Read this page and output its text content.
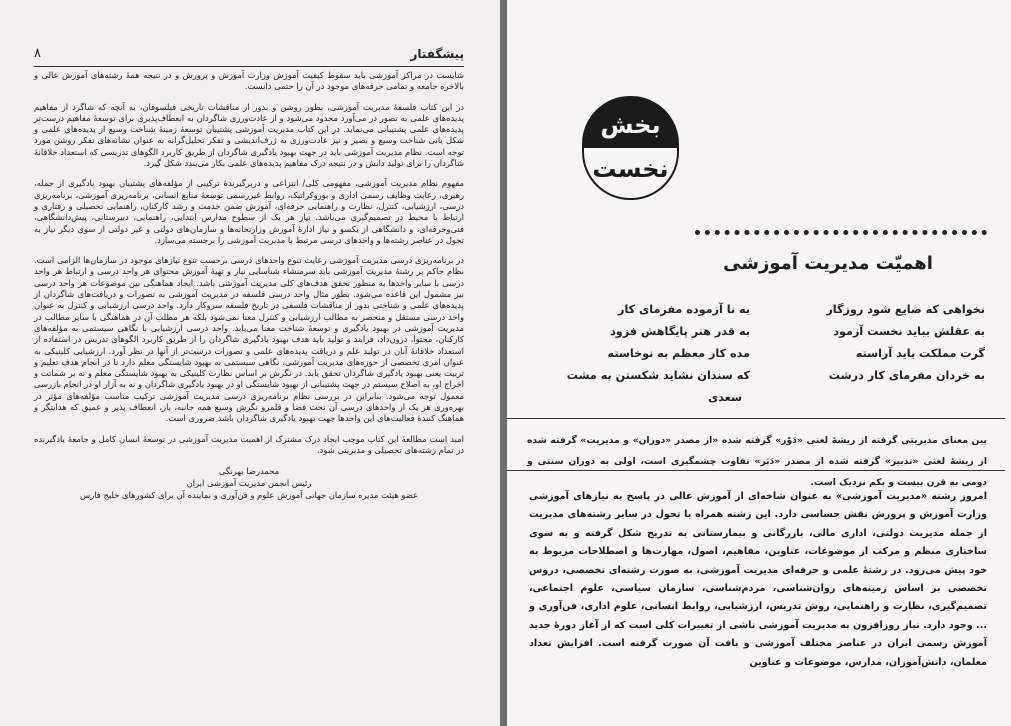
۸	پیشگفتار

شایست در مراکز آموزشی باید سقوط کیفیت آموزش وزارت آموزش و پرورش و در نتیجه همهٔ رشته‌های آموزش عالی و بالاخره جامعه و تمامی حرفه‌های موجود در آن را حتمی دانست.

در این کتاب فلسفهٔ مدیریت آموزشی، بطور روشن و بدور از مناقشات تاریخی فیلسوفان، به آنچه که شاگرد از مفاهیم پدیده‌های علمی به تصور در می‌آورد محدود می‌شود و از عادت‌ورزی شاگردان به انعطاف‌پذیری برای توسعهٔ مفاهیم درست‌تر پدیده‌های علمی پشتیبانی می‌نماید. در این کتاب مدیریت آموزشی پشتیبان توسعهٔ زمینهٔ شناخت وسیع از پدیده‌های علمی و شکل یابی شناخت وسیع و بصیر و نیز عادت‌ورزی به ژرف‌اندیشی و تفکر تحلیل‌گرانه به عنوان نشانه‌های تفکر روشن مورد توجه است. نظام مدیریت آموزشی باید در جهت بهبود یادگیری شاگردان از طریق کاربرد الگوهای تدریسی که استعداد خلاقانهٔ شاگردان را برای تولید دانش و در نتیجه درک مفاهیم پدیده‌های علمی بکار می‌بندد شکل گیرد.

مفهوم نظام مدیریت آموزشی، مفهومی کلی/ انتزاعی و دربرگیرندهٔ ترکیبی از مؤلفه‌های پشتیبان بهبود یادگیری از جمله، رهبری، رعایت وظایف رسمی اداری و بوروکراتیک، روابط غیررسمی توسعهٔ منابع انسانی، برنامه‌ریزی آموزشی، برنامه‌ریزی درسی، ارزشیابی، کنترل، نظارت و راهنمایی حرفه‌ای، آموزش ضمن خدمت و رشد کارکنان، راهنمایی تحصیلی و رفتاری و ارتباط با محیط در تصمیم‌گیری می‌باشد. نیاز هر یک از سطوح مدارس ابتدایی، راهنمایی، دبیرستانی، پیش‌دانشگاهی، فنی‌وحرفه‌ای، و دانشگاهی از یکسو و نیاز ادارهٔ آموزش وزارتخانه‌ها و سازمان‌های دولتی و غیر دولتی از سوی دیگر نیاز به تحول در عناصر رشته‌ها و واحدهای درسی مرتبط با مدیریت آموزشی را برجسته می‌سازد.

در برنامه‌ریزی درسی مدیریت آموزشی رعایت تنوع واحدهای درسی برحسب تنوع نیازهای موجود در سازمان‌ها الزامی است. نظام حاکم بر رشتهٔ مدیریت آموزشی باید سرمنشاء شناسایی نیاز و تهیهٔ آموزش محتوای هر واحد درسی و ارتباط هر واحد درسی با سایر واحدها به منظور تحقق هدف‌های کلی مدیریت آموزشی باشد. ایجاد هماهنگی بین موضوعات هر واحد درسی نیز مشمول این قاعده می‌شود. بطور مثال واحد درسی فلسفه در مدیریت آموزشی به تصورات و دریافت‌های شاگردان از پدیده‌های علمی و شناختی بدور از مناقشات فلسفی در تاریخ فلسفه سروکار دارد. واحد درسی ارزشیابی و کنترل به عنوان واحد درسی مستقل و منحصر به مطالب ارزشیابی و کنترل معنا نمی‌شود بلکه هر مطلب آن در هماهنگی با سایر مطالب در مدیریت آموزشی در بهبود یادگیری و توسعهٔ شناخت معنا می‌یابد. واحد درسی ارزشیابی با نگاهی سیستمی به مؤلفه‌های کارکنان، محتوا، درون‌داد، فرایند و تولید باید هدف بهبود یادگیری شاگردان را از طریق کاربرد الگوهای تدریس در استفاده از استعداد خلاقانهٔ آنان در تولید علم و دریافت پدیده‌های علمی و تصورات درست‌تر از آنها در نظر آورد. ارزشیابی کلینیکی به عنوان امری تخصصی از حوزه‌های مدیریت آموزشی، نگاهی سیستمی به بهبود شایستگی معلم دارد تا در انجام هدف تعلیم و تربیت یعنی بهبود یادگیری شاگردان تحقق یابد. در نگرش بر اساس نظارت کلینیکی به بهبود شایستگی معلم و نه بر شماتت و اخراج او، به اصلاح سیستم در جهت پشتیبانی از بهبود شایستگی او در بهبود یادگیری شاگردان و نه به آزار او در انجام بازرسی معمول توجه می‌شود. بنابراین در بررسی نظام برنامه‌ریزی درسی مدیریت آموزشی ترکیب مناسب مؤلفه‌های مؤثر در بهره‌وری هر یک از واحدهای درسی آن تحت فضا و قلمرو نگرش وسیع همه جانبه، باز، انعطاف پذیر و عمیق که هدایتگر و هماهنگ کنندهٔ فعالیت‌های این واحدها جهت بهبود یادگیری شاگردان باشد ضروری است.

امید است مطالعهٔ این کتاب موجب ایجاد درک مشترک از اهمیت مدیریت آموزشی در توسعهٔ انسان کامل و جامعهٔ یادگیرنده در تمام رشته‌های تحصیلی و مدیریتی شود.

محمدرضا بهرنگی
رئیس انجمن مدیریت آموزشی ایران
عضو هیئت مدیره سازمان جهانی آموزش علوم و فن‌آوری و نماینده آن برای کشورهای خلیج فارس
بخش
نخست
اهمیّت مدیریت آموزشی
نخواهی که ضایع شود روزگار
به عقلش بباید نخست آزمود
گرت مملکت باید آراسته
به خردان مفرمای کار درشت
به نا آزموده مفرمای کار
به قدر هنر پایگاهش فزود
مده کار معظم به نوخاسته
که سندان نشاید شکستن به مشت
سعدی
بین معنای مدیریتی گرفته از ریشهٔ لغتی «دَوْر» گرفته شده «از مصدر «دوران» و مدیریت» گرفته شده از ریشهٔ لغتی «تدبیر» گرفته شده از مصدر «دَبَر» تفاوت چشمگیری است، اولی به دوران سنتی و دومی به قرن بیست و یکم نزدیک است.
امروز رشته «مدیریت آموزشی» به عنوان شاخه‌ای از آموزش عالی در پاسخ به نیازهای آموزشی وزارت آموزش و پرورش نقش حساسی دارد. این رشته همراه با تحول در سایر رشته‌های مدیریت از جمله مدیریت دولتی، اداری مالی، بازرگانی و بیمارستانی به تدریج شکل گرفته و به سوی ساختاری منظم و مرکب از موضوعات، عناوین، مفاهیم، اصول، مهارت‌ها و اصطلاحات مربوط به خود پیش می‌رود. در رشتهٔ علمی و حرفه‌ای مدیریت آموزشی، به صورت رشته‌ای تخصصی، دروس تخصصی بر اساس زمینه‌های روان‌شناسی، مردم‌شناسی، سازمان سیاسی، علوم اجتماعی، تصمیم‌گیری، نظارت و راهنمایی، روش تدریس، ارزشیابی، روابط انسانی، علوم اداری، فن‌آوری و ... وجود دارد. نیاز روزافزون به مدیریت آموزشی ناشی از تغییرات کلی است که از آغاز دورهٔ جدید آموزش رسمی ایران در عناصر مختلف آموزشی و بافت آن صورت گرفته است. افزایش تعداد معلمان، دانش‌آموزان، مدارس، موضوعات و عناوین
